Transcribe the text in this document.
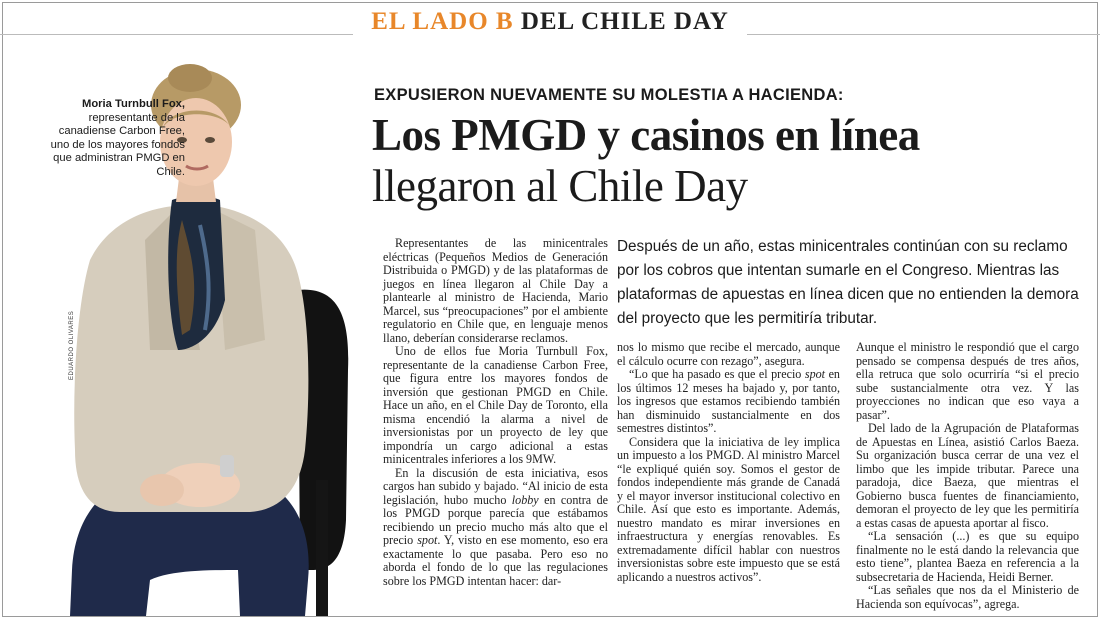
EL LADO B DEL CHILE DAY
EDUARDO OLIVARES
Moria Turnbull Fox, representante de la canadiense Carbon Free, uno de los mayores fondos que administran PMGD en Chile.
EXPUSIERON NUEVAMENTE SU MOLESTIA A HACIENDA:
Los PMGD y casinos en línea
llegaron al Chile Day
Después de un año, estas minicentrales continúan con su reclamo por los cobros que intentan sumarle en el Congreso. Mientras las plataformas de apuestas en línea dicen que no entienden la demora del proyecto que les permitiría tributar.

Representantes de las minicentrales eléctricas (Pequeños Medios de Generación Distribuida o PMGD) y de las plataformas de juegos en línea llegaron al Chile Day a plantearle al ministro de Hacienda, Mario Marcel, sus “preocupaciones” por el ambiente regulatorio en Chile que, en lenguaje menos llano, deberían considerarse reclamos.

Uno de ellos fue Moria Turnbull Fox, representante de la canadiense Carbon Free, que figura entre los mayores fondos de inversión que gestionan PMGD en Chile. Hace un año, en el Chile Day de Toronto, ella misma encendió la alarma a nivel de inversionistas por un proyecto de ley que impondría un cargo adicional a estas minicentrales inferiores a los 9MW.

En la discusión de esta iniciativa, esos cargos han subido y bajado. “Al inicio de esta legislación, hubo mucho lobby en contra de los PMGD porque parecía que estábamos recibiendo un precio mucho más alto que el precio spot. Y, visto en ese momento, eso era exactamente lo que pasaba. Pero eso no aborda el fondo de lo que las regulaciones sobre los PMGD intentan hacer: dar-

nos lo mismo que recibe el mercado, aunque el cálculo ocurre con rezago”, asegura.

“Lo que ha pasado es que el precio spot en los últimos 12 meses ha bajado y, por tanto, los ingresos que estamos recibiendo también han disminuido sustancialmente en dos semestres distintos”.

Considera que la iniciativa de ley implica un impuesto a los PMGD. Al ministro Marcel “le expliqué quién soy. Somos el gestor de fondos independiente más grande de Canadá y el mayor inversor institucional colectivo en Chile. Así que esto es importante. Además, nuestro mandato es mirar inversiones en infraestructura y energías renovables. Es extremadamente difícil hablar con nuestros inversionistas sobre este impuesto que se está aplicando a nuestros activos”.

Aunque el ministro le respondió que el cargo pensado se compensa después de tres años, ella retruca que solo ocurriría “si el precio sube sustancialmente otra vez. Y las proyecciones no indican que eso vaya a pasar”.

Del lado de la Agrupación de Plataformas de Apuestas en Línea, asistió Carlos Baeza. Su organización busca cerrar de una vez el limbo que les impide tributar. Parece una paradoja, dice Baeza, que mientras el Gobierno busca fuentes de financiamiento, demoran el proyecto de ley que les permitiría a estas casas de apuesta aportar al fisco.

“La sensación (...) es que su equipo finalmente no le está dando la relevancia que esto tiene”, plantea Baeza en referencia a la subsecretaria de Hacienda, Heidi Berner.

“Las señales que nos da el Ministerio de Hacienda son equívocas”, agrega.
